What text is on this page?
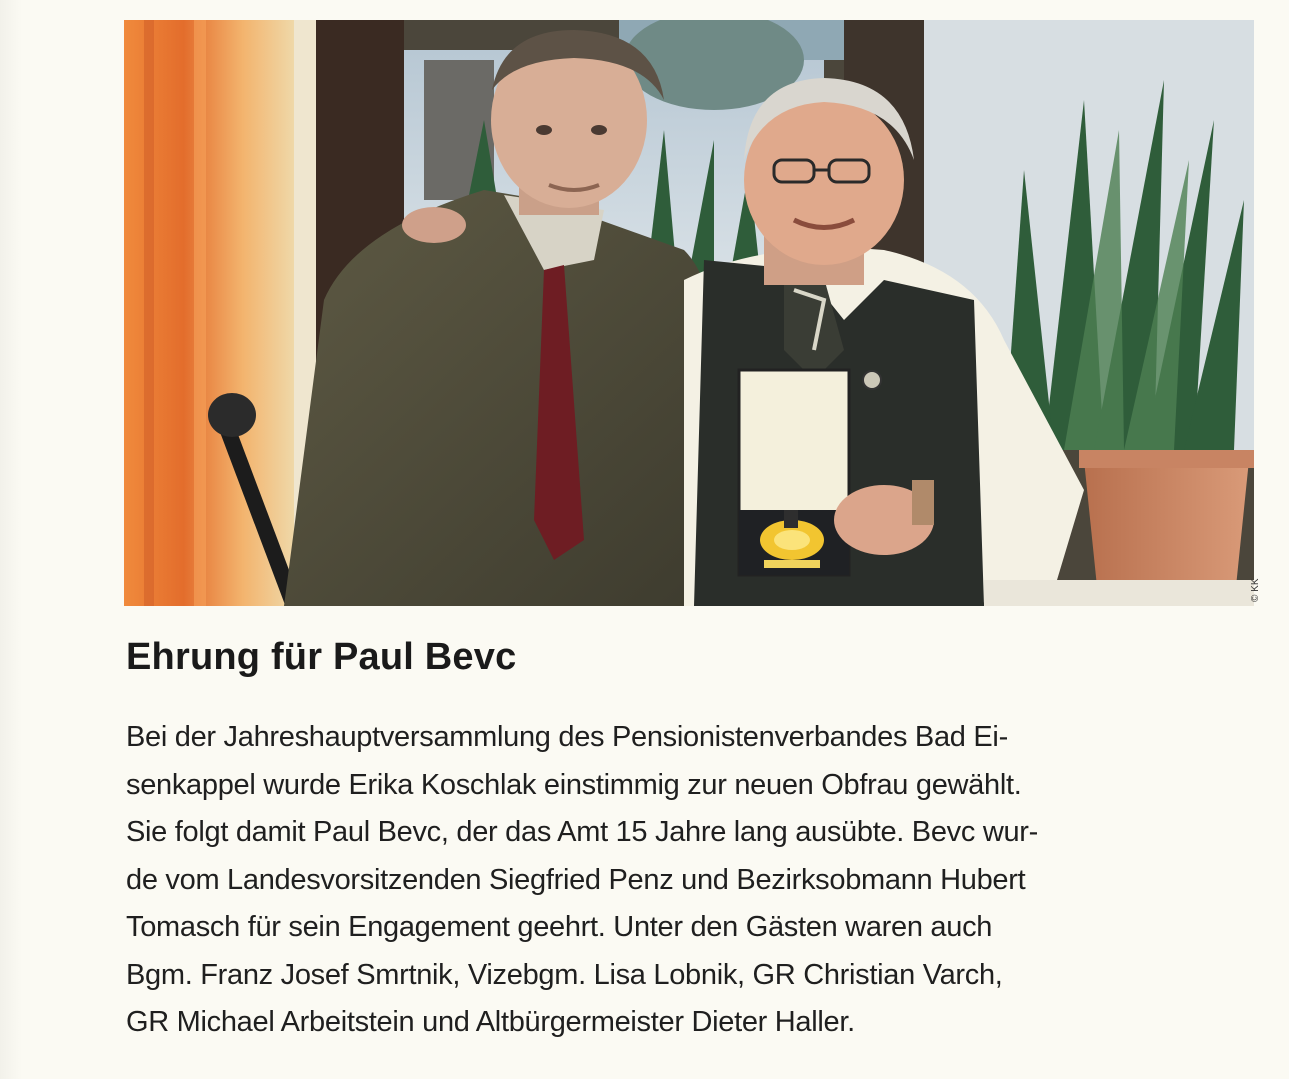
© KK
Ehrung für Paul Bevc

Bei der Jahreshauptversammlung des Pensionistenverbandes Bad Ei-
senkappel wurde Erika Koschlak einstimmig zur neuen Obfrau gewählt.
Sie folgt damit Paul Bevc, der das Amt 15 Jahre lang ausübte. Bevc wur-
de vom Landesvorsitzenden Siegfried Penz und Bezirksobmann Hubert
Tomasch für sein Engagement geehrt. Unter den Gästen waren auch
Bgm. Franz Josef Smrtnik, Vizebgm. Lisa Lobnik, GR Christian Varch,
GR Michael Arbeitstein und Altbürgermeister Dieter Haller.
